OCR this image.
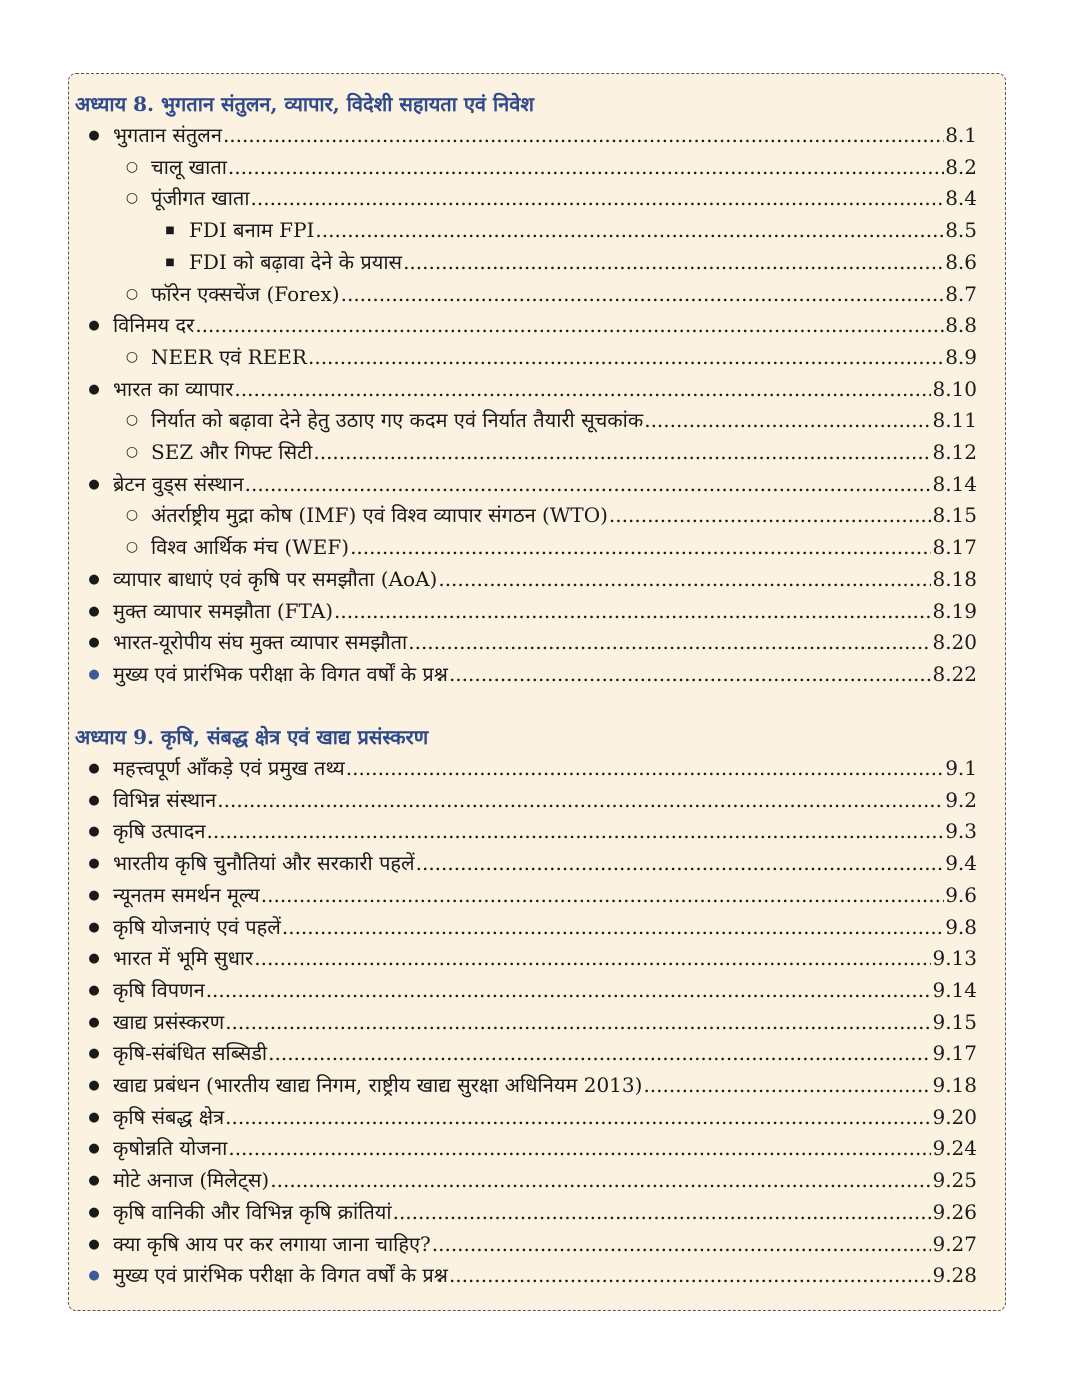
अध्याय 8. भुगतान संतुलन, व्यापार, विदेशी सहायता एवं निवेश
● भुगतान संतुलन .....	8.1
○ चालू खाता .....	8.2
○ पूंजीगत खाता .....	8.4
■ FDI बनाम FPI .....	8.5
■ FDI को बढ़ावा देने के प्रयास .....	8.6
○ फॉरेन एक्सचेंज (Forex) .....	8.7
● विनिमय दर .....	8.8
○ NEER एवं REER .....	8.9
● भारत का व्यापार .....	8.10
○ निर्यात को बढ़ावा देने हेतु उठाए गए कदम एवं निर्यात तैयारी सूचकांक .....	8.11
○ SEZ और गिफ्ट सिटी .....	8.12
● ब्रेटन वुड्स संस्थान .....	8.14
○ अंतर्राष्ट्रीय मुद्रा कोष (IMF) एवं विश्व व्यापार संगठन (WTO) .....	8.15
○ विश्व आर्थिक मंच (WEF) .....	8.17
● व्यापार बाधाएं एवं कृषि पर समझौता (AoA) .....	8.18
● मुक्त व्यापार समझौता (FTA) .....	8.19
● भारत-यूरोपीय संघ मुक्त व्यापार समझौता .....	8.20
● मुख्य एवं प्रारंभिक परीक्षा के विगत वर्षों के प्रश्न .....	8.22
अध्याय 9. कृषि, संबद्ध क्षेत्र एवं खाद्य प्रसंस्करण
● महत्त्वपूर्ण आँकड़े एवं प्रमुख तथ्य .....	9.1
● विभिन्न संस्थान .....	9.2
● कृषि उत्पादन .....	9.3
● भारतीय कृषि चुनौतियां और सरकारी पहलें .....	9.4
● न्यूनतम समर्थन मूल्य .....	9.6
● कृषि योजनाएं एवं पहलें .....	9.8
● भारत में भूमि सुधार .....	9.13
● कृषि विपणन .....	9.14
● खाद्य प्रसंस्करण .....	9.15
● कृषि-संबंधित सब्सिडी .....	9.17
● खाद्य प्रबंधन (भारतीय खाद्य निगम, राष्ट्रीय खाद्य सुरक्षा अधिनियम 2013) .....	9.18
● कृषि संबद्ध क्षेत्र .....	9.20
● कृषोन्नति योजना .....	9.24
● मोटे अनाज (मिलेट्स) .....	9.25
● कृषि वानिकी और विभिन्न कृषि क्रांतियां .....	9.26
● क्या कृषि आय पर कर लगाया जाना चाहिए? .....	9.27
● मुख्य एवं प्रारंभिक परीक्षा के विगत वर्षों के प्रश्न .....	9.28
